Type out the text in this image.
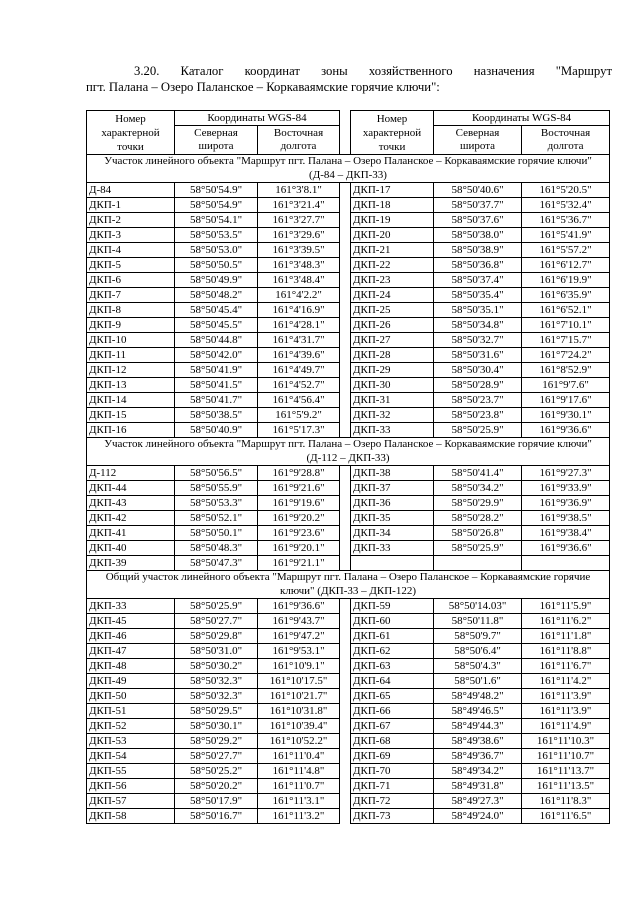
3.20. Каталог координат зоны хозяйственного назначения "Маршрут
пгт. Палана – Озеро Паланское – Коркаваямские горячие ключи":
Номер характерной точки	Координаты WGS-84			Номер характерной точки	Координаты WGS-84	
	Северная широта	Восточная долгота			Северная широта	Восточная долгота
Участок линейного объекта "Маршрут пгт. Палана – Озеро Паланское – Коркаваямские горячие ключи" (Д-84 – ДКП-33)						
Д-84	58°50'54.9"	161°3'8.1"		ДКП-17	58°50'40.6"	161°5'20.5"
ДКП-1	58°50'54.9"	161°3'21.4"		ДКП-18	58°50'37.7"	161°5'32.4"
ДКП-2	58°50'54.1"	161°3'27.7"		ДКП-19	58°50'37.6"	161°5'36.7"
ДКП-3	58°50'53.5"	161°3'29.6"		ДКП-20	58°50'38.0"	161°5'41.9"
ДКП-4	58°50'53.0"	161°3'39.5"		ДКП-21	58°50'38.9"	161°5'57.2"
ДКП-5	58°50'50.5"	161°3'48.3"		ДКП-22	58°50'36.8"	161°6'12.7"
ДКП-6	58°50'49.9"	161°3'48.4"		ДКП-23	58°50'37.4"	161°6'19.9"
ДКП-7	58°50'48.2"	161°4'2.2"		ДКП-24	58°50'35.4"	161°6'35.9"
ДКП-8	58°50'45.4"	161°4'16.9"		ДКП-25	58°50'35.1"	161°6'52.1"
ДКП-9	58°50'45.5"	161°4'28.1"		ДКП-26	58°50'34.8"	161°7'10.1"
ДКП-10	58°50'44.8"	161°4'31.7"		ДКП-27	58°50'32.7"	161°7'15.7"
ДКП-11	58°50'42.0"	161°4'39.6"		ДКП-28	58°50'31.6"	161°7'24.2"
ДКП-12	58°50'41.9"	161°4'49.7"		ДКП-29	58°50'30.4"	161°8'52.9"
ДКП-13	58°50'41.5"	161°4'52.7"		ДКП-30	58°50'28.9"	161°9'7.6"
ДКП-14	58°50'41.7"	161°4'56.4"		ДКП-31	58°50'23.7"	161°9'17.6"
ДКП-15	58°50'38.5"	161°5'9.2"		ДКП-32	58°50'23.8"	161°9'30.1"
ДКП-16	58°50'40.9"	161°5'17.3"		ДКП-33	58°50'25.9"	161°9'36.6"
Участок линейного объекта "Маршрут пгт. Палана – Озеро Паланское – Коркаваямские горячие ключи" (Д-112 – ДКП-33)						
Д-112	58°50'56.5"	161°9'28.8"		ДКП-38	58°50'41.4"	161°9'27.3"
ДКП-44	58°50'55.9"	161°9'21.6"		ДКП-37	58°50'34.2"	161°9'33.9"
ДКП-43	58°50'53.3"	161°9'19.6"		ДКП-36	58°50'29.9"	161°9'36.9"
ДКП-42	58°50'52.1"	161°9'20.2"		ДКП-35	58°50'28.2"	161°9'38.5"
ДКП-41	58°50'50.1"	161°9'23.6"		ДКП-34	58°50'26.8"	161°9'38.4"
ДКП-40	58°50'48.3"	161°9'20.1"		ДКП-33	58°50'25.9"	161°9'36.6"
ДКП-39	58°50'47.3"	161°9'21.1"				
Общий участок линейного объекта "Маршрут пгт. Палана – Озеро Паланское – Коркаваямские горячие ключи" (ДКП-33 – ДКП-122)						
ДКП-33	58°50'25.9"	161°9'36.6"		ДКП-59	58°50'14.03"	161°11'5.9"
ДКП-45	58°50'27.7"	161°9'43.7"		ДКП-60	58°50'11.8"	161°11'6.2"
ДКП-46	58°50'29.8"	161°9'47.2"		ДКП-61	58°50'9.7"	161°11'1.8"
ДКП-47	58°50'31.0"	161°9'53.1"		ДКП-62	58°50'6.4"	161°11'8.8"
ДКП-48	58°50'30.2"	161°10'9.1"		ДКП-63	58°50'4.3"	161°11'6.7"
ДКП-49	58°50'32.3"	161°10'17.5"		ДКП-64	58°50'1.6"	161°11'4.2"
ДКП-50	58°50'32.3"	161°10'21.7"		ДКП-65	58°49'48.2"	161°11'3.9"
ДКП-51	58°50'29.5"	161°10'31.8"		ДКП-66	58°49'46.5"	161°11'3.9"
ДКП-52	58°50'30.1"	161°10'39.4"		ДКП-67	58°49'44.3"	161°11'4.9"
ДКП-53	58°50'29.2"	161°10'52.2"		ДКП-68	58°49'38.6"	161°11'10.3"
ДКП-54	58°50'27.7"	161°11'0.4"		ДКП-69	58°49'36.7"	161°11'10.7"
ДКП-55	58°50'25.2"	161°11'4.8"		ДКП-70	58°49'34.2"	161°11'13.7"
ДКП-56	58°50'20.2"	161°11'0.7"		ДКП-71	58°49'31.8"	161°11'13.5"
ДКП-57	58°50'17.9"	161°11'3.1"		ДКП-72	58°49'27.3"	161°11'8.3"
ДКП-58	58°50'16.7"	161°11'3.2"		ДКП-73	58°49'24.0"	161°11'6.5"
